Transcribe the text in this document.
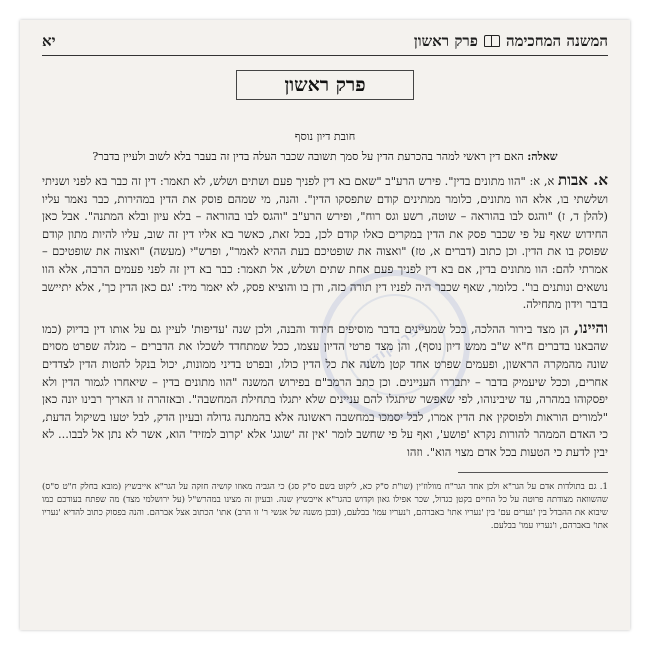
ספרי קודש
המשנה המחכימה
פרק ראשון
יא
פרק ראשון
חובת דיון נוסף
שאלה: האם דין ראשי למהר בהכרעת הדין על סמך תשובה שכבר העלה בדין זה בעבר בלא לשוב ולעיין בדבר?

א. אבות א, א: "הוו מתונים בדין". פירש הרע"ב "שאם בא דין לפניך פעם ושתים ושלש, לא תאמר: דין זה כבר בא לפני ושניתי ושלשתי בו, אלא הוו מתונים, כלומר ממתינים קודם שתפסקו הדין". והנה, מי שמהם פוסק את הדין במהירות, כבר נאמר עליו (להלן ד, ז) "והגס לבו בהוראה – שוטה, רשע וגס רוח", ופירש הרע"ב "והגס לבו בהוראה – בלא עיון ובלא המתנה". אבל כאן החידוש שאף על פי שכבר פסק את הדין במקרים כאלו קודם לכן, בכל זאת, כאשר בא אליו דין זה שוב, עליו להיות מתון קודם שפוסק בו את הדין. וכן כתוב (דברים א, טז) "ואצוה את שופטיכם בעת ההיא לאמר", ופרש"י (מעשה) "ואצוה את שופטיכם – אמרתי להם: הוו מתונים בדין, אם בא דין לפניך פעם אחת שתים ושלש, אל תאמר: כבר בא דין זה לפני פעמים הרבה, אלא הוו נושאים ונותנים בו". כלומר, שאף שכבר היה לפניו דין תורה כזה, ודן בו והוציא פסק, לא יאמר מיד: 'גם כאן הדין כך', אלא יתיישב בדבר וידון מתחילה.

והיינו, הן מצד בירור ההלכה, ככל שמעיינים בדבר מוסיפים חידוד והבנה, ולכן שנה 'עדיפות' לעיין גם על אותו דין בדיוק (כמו שהבאנו בדברים ח"א ש"ב ממש דיון נוסף), והן מצד פרטי הדיון עצמו, ככל שמתחדד לשכלו את הדברים – מגלה שפרט מסוים שונה מהמקרה הראשון, ופעמים שפרט אחד קטן משנה את כל הדין כולו, ובפרט בדיני ממונות, יכול בנקל להטות הדין לצדדים אחרים, וככל שיעמיק בדבר – יתבררו העניינים. וכן כתב הרמב"ם בפירוש המשנה "הוו מתונים בדין – שיאחרו לגמור הדין ולא יפסקוהו במהרה, עד שיבינוהו, לפי שאפשר שיתגלו להם עניינים שלא יתגלו בתחילת המחשבה". ובאזהרה זו האריך רבינו יונה כאן "למורים הוראות ולפוסקין את הדין אמרו, לבל יסמכו במחשבה ראשונה אלא בהמתנה גדולה ובעיון הדק, לבל יטעו בשיקול הדעת, כי האדם הממהר להורות נקרא 'פושע', ואף על פי שחשב לומר 'אין זה 'שוגג' אלא 'קרוב למזיד' הוא, אשר לא נתן אל לבבו... לא יבין לדעת כי הטעות בכל אדם מצוי הוא". וזהו

1. גם בתולדות אדם על הגר"א ולכן אחד הגר"ח מוולוז'ין (שו"ת ס"ק כא, ליקוט בשם ס"ק סג) כי הגביה מאוזו קושיה חזקה על הגר"א אייבשיץ (מובא בחלק ח"ט ס"ס) שהשוואה מצודתה פרוטה על כל החיים בקטן כגדול, שכר אפילו גאון וקדוש כהגר"א אייבשיץ שנה. ובעיון זה מצינו במהרש"ל (על ירושלמי מצד) מה שפתח בעודכם כמו שיבוא את ההבדל בין 'נערים עם' בין 'נעריו אתו' באברהם, ו'נעריו עמו' בבלעם, (ובכן משנה של אנשי ר' זו הרב) אתו' הכתוב אצל אברהם. והנה בפסוק כתוב להדיא 'נעריו אתו' באברהם, ו'נעריו עמו' בבלעם.
